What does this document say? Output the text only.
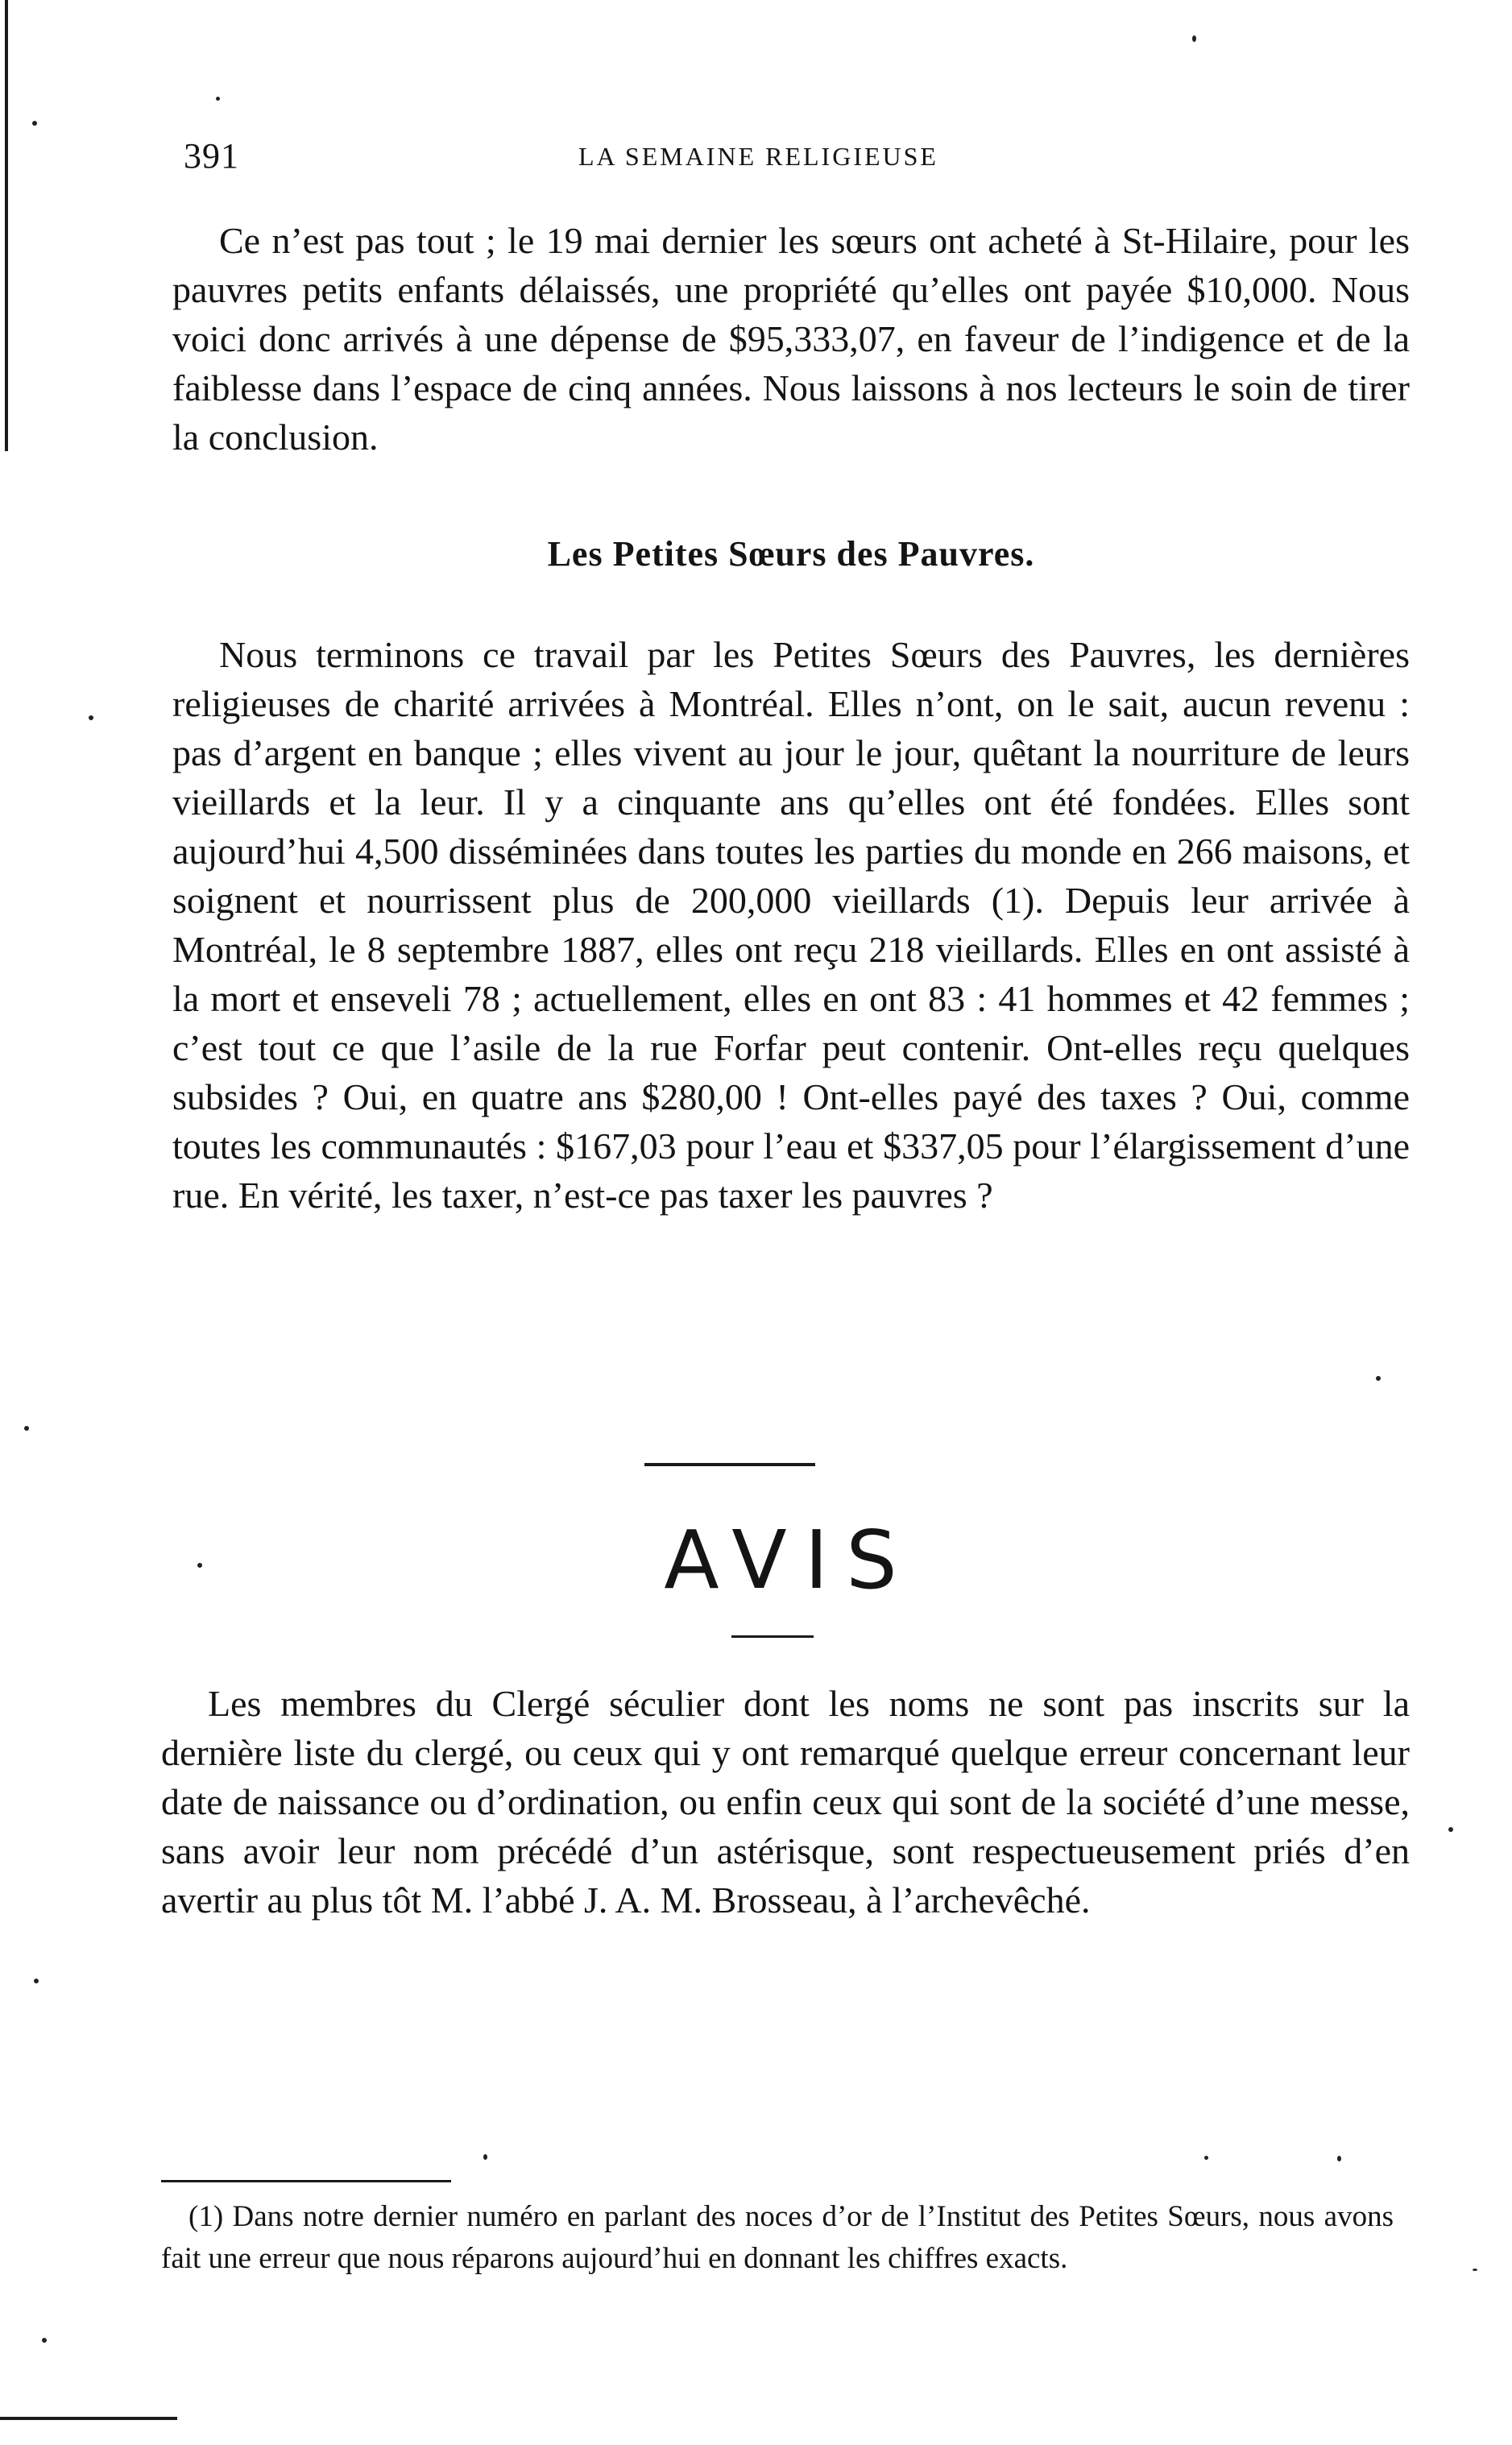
391	LA SEMAINE RELIGIEUSE

Ce n’est pas tout ; le 19 mai dernier les sœurs ont acheté à St-Hilaire, pour les pauvres petits enfants délaissés, une propriété qu’elles ont payée $10,000. Nous voici donc arrivés à une dépense de $95,333,07, en faveur de l’indigence et de la faiblesse dans l’espace de cinq années. Nous laissons à nos lecteurs le soin de tirer la conclusion.

Les Petites Sœurs des Pauvres.

Nous terminons ce travail par les Petites Sœurs des Pauvres, les dernières religieuses de charité arrivées à Montréal. Elles n’ont, on le sait, aucun revenu : pas d’argent en banque ; elles vivent au jour le jour, quêtant la nourriture de leurs vieillards et la leur. Il y a cinquante ans qu’elles ont été fondées. Elles sont aujourd’hui 4,500 disséminées dans toutes les parties du monde en 266 maisons, et soignent et nourrissent plus de 200,000 vieillards (1). Depuis leur arrivée à Montréal, le 8 septembre 1887, elles ont reçu 218 vieillards. Elles en ont assisté à la mort et enseveli 78 ; actuellement, elles en ont 83 : 41 hommes et 42 femmes ; c’est tout ce que l’asile de la rue Forfar peut contenir. Ont-elles reçu quelques subsides ? Oui, en quatre ans $280,00 ! Ont-elles payé des taxes ? Oui, comme toutes les communautés : $167,03 pour l’eau et $337,05 pour l’élargissement d’une rue. En vérité, les taxer, n’est-ce pas taxer les pauvres ?

AVIS

Les membres du Clergé séculier dont les noms ne sont pas inscrits sur la dernière liste du clergé, ou ceux qui y ont remarqué quelque erreur concernant leur date de naissance ou d’ordination, ou enfin ceux qui sont de la société d’une messe, sans avoir leur nom précédé d’un astérisque, sont respectueusement priés d’en avertir au plus tôt M. l’abbé J. A. M. Brosseau, à l’archevêché.

(1) Dans notre dernier numéro en parlant des noces d’or de l’Institut des Petites Sœurs, nous avons fait une erreur que nous réparons aujourd’hui en donnant les chiffres exacts.
